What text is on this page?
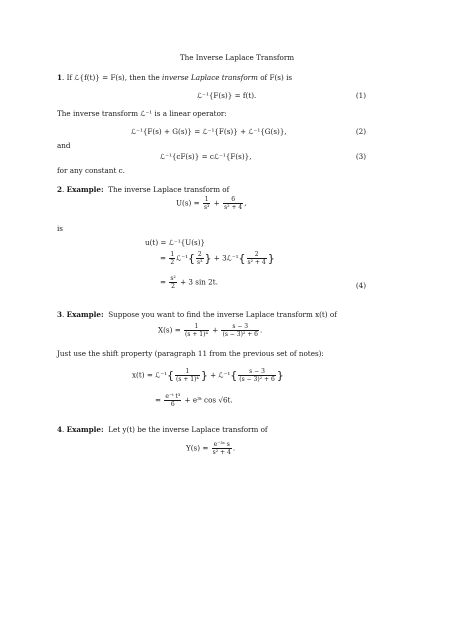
The Inverse Laplace Transform
1. If ℒ{f(t)} = F(s), then the inverse Laplace transform of F(s) is
ℒ⁻¹{F(s)} = f(t).	(1)
The inverse transform ℒ⁻¹ is a linear operator:
ℒ⁻¹{F(s) + G(s)} = ℒ⁻¹{F(s)} + ℒ⁻¹{G(s)},	(2)
and
ℒ⁻¹{cF(s)} = cℒ⁻¹{F(s)},	(3)
for any constant c.
2. Example: The inverse Laplace transform of
$U(s) = \frac{1}{\text{s³}} + \frac{6}{\text{s² + 4}}$ ,
is
u(t) = ℒ⁻¹{U(s)}
= $\frac{1}{2}$ ℒ⁻¹{ $\frac{2}{\text{s³}}$ } + 3ℒ⁻¹{ $\frac{2}{\text{s² + 4}}$ }
= $\frac{\text{s²}}{2} + 3$ sin 2t.	(4)
3. Example: Suppose you want to find the inverse Laplace transform x(t) of
$X(s) = \frac{1}{\text{(s + 1)⁴}} + \frac{s - 3}{\text{(s − 3)² + 6}}$ .
Just use the shift property (paragraph 11 from the previous set of notes):
x(t) = ℒ⁻¹{ $\frac{1}{\text{(s + 1)⁴}}$ } + ℒ⁻¹{ $\frac{s - 3}{\text{(s − 3)² + 6}}$ }
= $\frac{\text{e⁻ᵗ t³}}{6}$ + e³ᵗ cos √6t.
4. Example: Let y(t) be the inverse Laplace transform of
$Y(s) = \frac{\text{e⁻³ˢ s}}{\text{s² + 4}}$ .
